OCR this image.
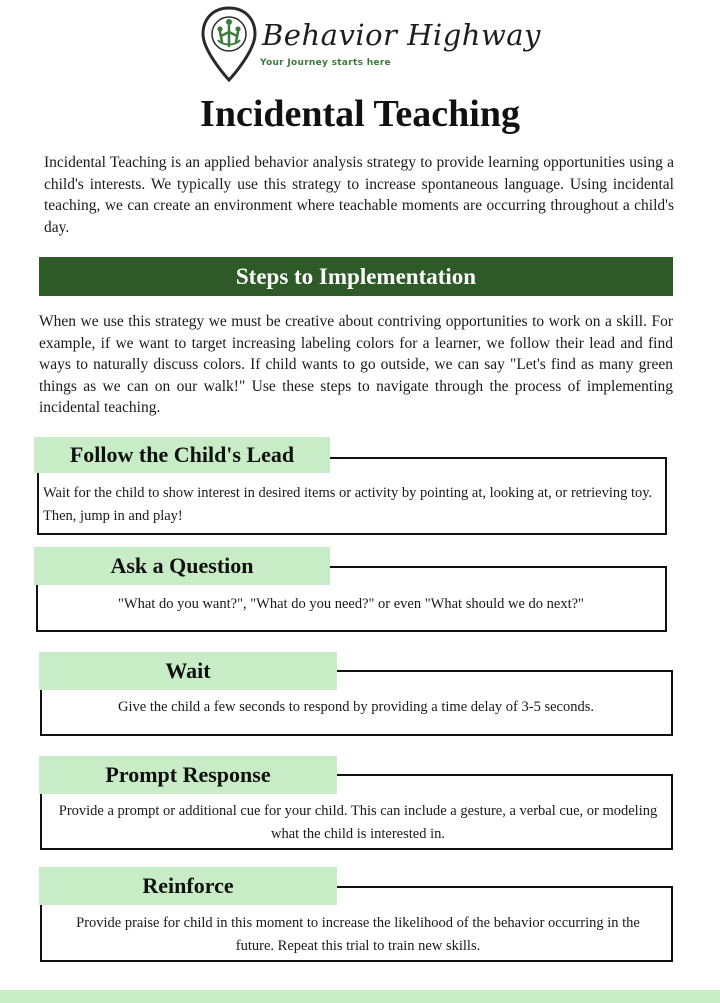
Behavior Highway
Your Journey starts here
Incidental Teaching

Incidental Teaching is an applied behavior analysis strategy to provide learning opportunities using a child's interests. We typically use this strategy to increase spontaneous language. Using incidental teaching, we can create an environment where teachable moments are occurring throughout a child's day.

Steps to Implementation

When we use this strategy we must be creative about contriving opportunities to work on a skill. For example, if we want to target increasing labeling colors for a learner, we follow their lead and find ways to naturally discuss colors. If child wants to go outside, we can say "Let's find as many green things as we can on our walk!" Use these steps to navigate through the process of implementing incidental teaching.

Wait for the child to show interest in desired items or activity by pointing at, looking at, or retrieving toy. Then, jump in and play!
Follow the Child's Lead
"What do you want?", "What do you need?" or even "What should we do next?"
Ask a Question
Give the child a few seconds to respond by providing a time delay of 3-5 seconds.
Wait
Provide a prompt or additional cue for your child. This can include a gesture, a verbal cue, or modeling what the child is interested in.
Prompt Response
Provide praise for child in this moment to increase the likelihood of the behavior occurring in the future. Repeat this trial to train new skills.
Reinforce
